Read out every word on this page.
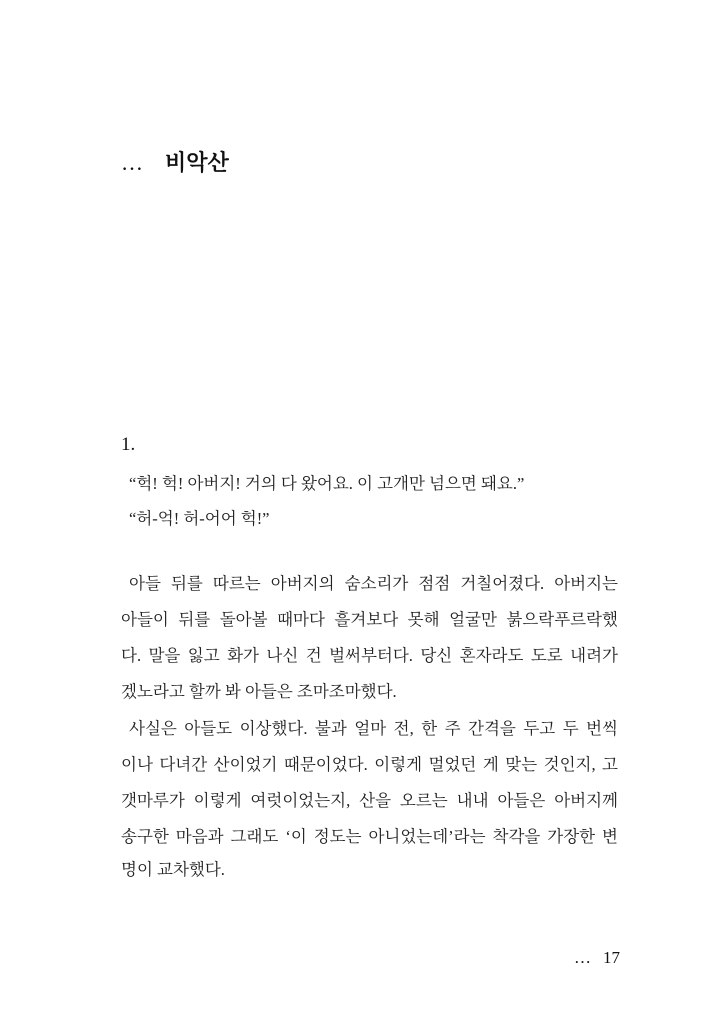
… 비악산
1.
“헉! 헉! 아버지! 거의 다 왔어요. 이 고개만 넘으면 돼요.”
“허-억! 허-어어 헉!”
아들 뒤를 따르는 아버지의 숨소리가 점점 거칠어졌다. 아버지는
아들이 뒤를 돌아볼 때마다 흘겨보다 못해 얼굴만 붉으락푸르락했
다. 말을 잃고 화가 나신 건 벌써부터다. 당신 혼자라도 도로 내려가
겠노라고 할까 봐 아들은 조마조마했다.
사실은 아들도 이상했다. 불과 얼마 전, 한 주 간격을 두고 두 번씩
이나 다녀간 산이었기 때문이었다. 이렇게 멀었던 게 맞는 것인지, 고
갯마루가 이렇게 여럿이었는지, 산을 오르는 내내 아들은 아버지께
송구한 마음과 그래도 ‘이 정도는 아니었는데’라는 착각을 가장한 변
명이 교차했다.
… 17
